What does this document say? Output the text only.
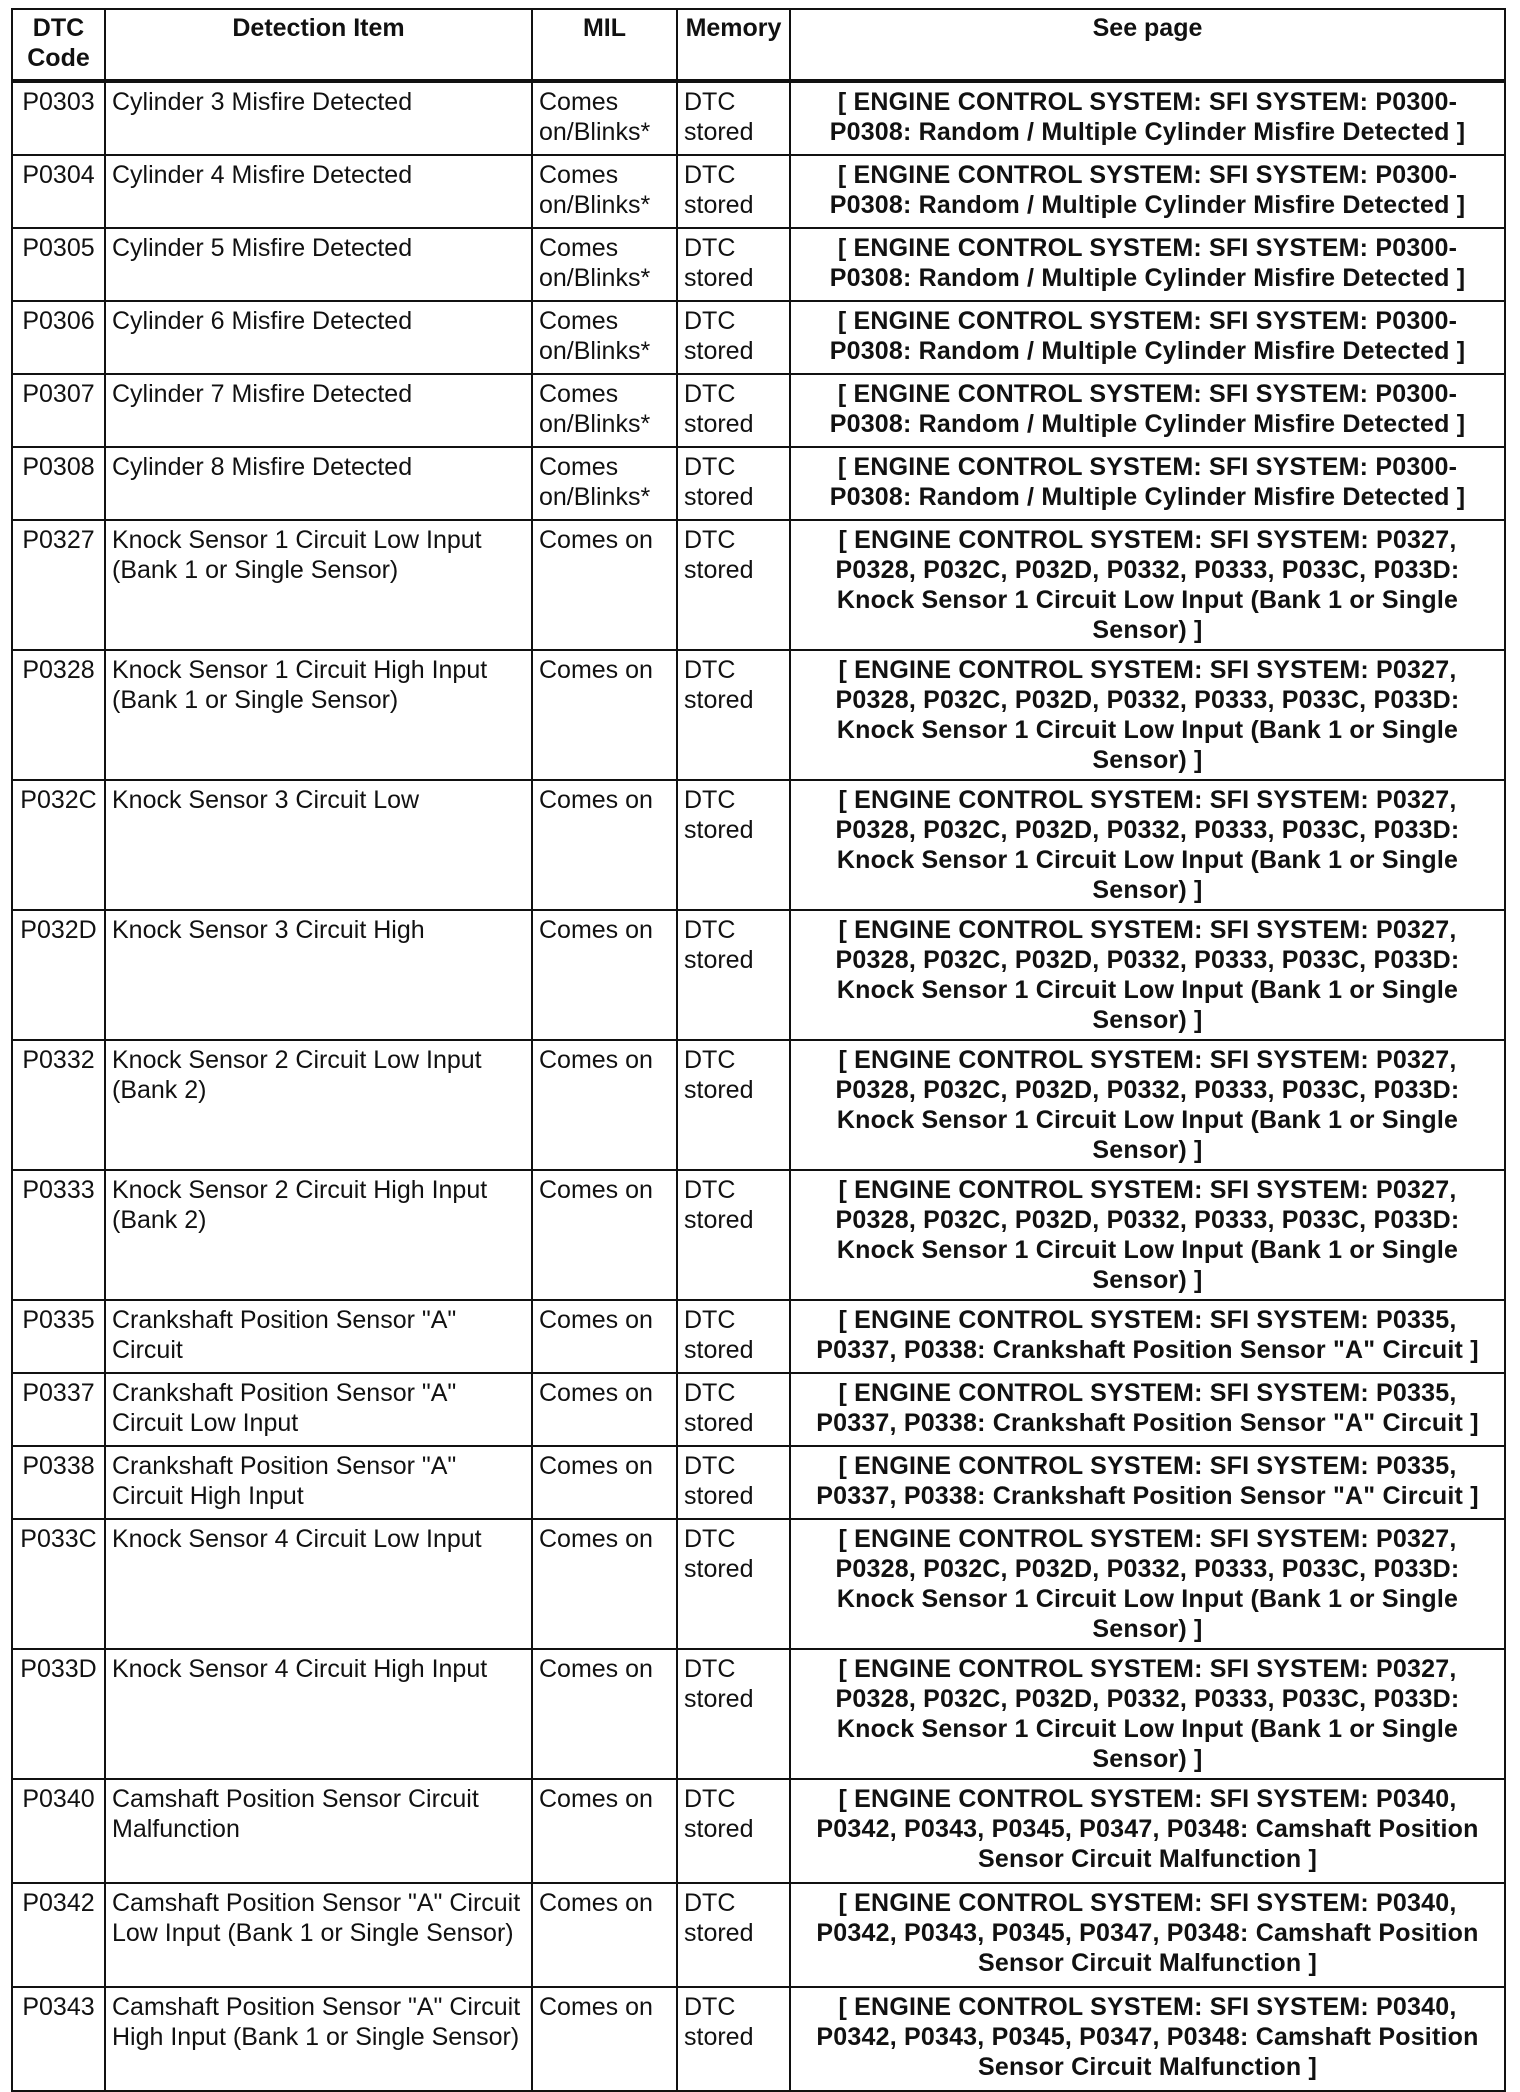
DTC Code	Detection Item	MIL	Memory	See page
P0303	Cylinder 3 Misfire Detected	Comes on/Blinks*	DTC stored	[ ENGINE CONTROL SYSTEM: SFI SYSTEM: P0300-P0308: Random / Multiple Cylinder Misfire Detected ]
P0304	Cylinder 4 Misfire Detected	Comes on/Blinks*	DTC stored	[ ENGINE CONTROL SYSTEM: SFI SYSTEM: P0300-P0308: Random / Multiple Cylinder Misfire Detected ]
P0305	Cylinder 5 Misfire Detected	Comes on/Blinks*	DTC stored	[ ENGINE CONTROL SYSTEM: SFI SYSTEM: P0300-P0308: Random / Multiple Cylinder Misfire Detected ]
P0306	Cylinder 6 Misfire Detected	Comes on/Blinks*	DTC stored	[ ENGINE CONTROL SYSTEM: SFI SYSTEM: P0300-P0308: Random / Multiple Cylinder Misfire Detected ]
P0307	Cylinder 7 Misfire Detected	Comes on/Blinks*	DTC stored	[ ENGINE CONTROL SYSTEM: SFI SYSTEM: P0300-P0308: Random / Multiple Cylinder Misfire Detected ]
P0308	Cylinder 8 Misfire Detected	Comes on/Blinks*	DTC stored	[ ENGINE CONTROL SYSTEM: SFI SYSTEM: P0300-P0308: Random / Multiple Cylinder Misfire Detected ]
P0327	Knock Sensor 1 Circuit Low Input (Bank 1 or Single Sensor)	Comes on	DTC stored	[ ENGINE CONTROL SYSTEM: SFI SYSTEM: P0327, P0328, P032C, P032D, P0332, P0333, P033C, P033D: Knock Sensor 1 Circuit Low Input (Bank 1 or Single Sensor) ]
P0328	Knock Sensor 1 Circuit High Input (Bank 1 or Single Sensor)	Comes on	DTC stored	[ ENGINE CONTROL SYSTEM: SFI SYSTEM: P0327, P0328, P032C, P032D, P0332, P0333, P033C, P033D: Knock Sensor 1 Circuit Low Input (Bank 1 or Single Sensor) ]
P032C	Knock Sensor 3 Circuit Low	Comes on	DTC stored	[ ENGINE CONTROL SYSTEM: SFI SYSTEM: P0327, P0328, P032C, P032D, P0332, P0333, P033C, P033D: Knock Sensor 1 Circuit Low Input (Bank 1 or Single Sensor) ]
P032D	Knock Sensor 3 Circuit High	Comes on	DTC stored	[ ENGINE CONTROL SYSTEM: SFI SYSTEM: P0327, P0328, P032C, P032D, P0332, P0333, P033C, P033D: Knock Sensor 1 Circuit Low Input (Bank 1 or Single Sensor) ]
P0332	Knock Sensor 2 Circuit Low Input (Bank 2)	Comes on	DTC stored	[ ENGINE CONTROL SYSTEM: SFI SYSTEM: P0327, P0328, P032C, P032D, P0332, P0333, P033C, P033D: Knock Sensor 1 Circuit Low Input (Bank 1 or Single Sensor) ]
P0333	Knock Sensor 2 Circuit High Input (Bank 2)	Comes on	DTC stored	[ ENGINE CONTROL SYSTEM: SFI SYSTEM: P0327, P0328, P032C, P032D, P0332, P0333, P033C, P033D: Knock Sensor 1 Circuit Low Input (Bank 1 or Single Sensor) ]
P0335	Crankshaft Position Sensor "A" Circuit	Comes on	DTC stored	[ ENGINE CONTROL SYSTEM: SFI SYSTEM: P0335, P0337, P0338: Crankshaft Position Sensor "A" Circuit ]
P0337	Crankshaft Position Sensor "A" Circuit Low Input	Comes on	DTC stored	[ ENGINE CONTROL SYSTEM: SFI SYSTEM: P0335, P0337, P0338: Crankshaft Position Sensor "A" Circuit ]
P0338	Crankshaft Position Sensor "A" Circuit High Input	Comes on	DTC stored	[ ENGINE CONTROL SYSTEM: SFI SYSTEM: P0335, P0337, P0338: Crankshaft Position Sensor "A" Circuit ]
P033C	Knock Sensor 4 Circuit Low Input	Comes on	DTC stored	[ ENGINE CONTROL SYSTEM: SFI SYSTEM: P0327, P0328, P032C, P032D, P0332, P0333, P033C, P033D: Knock Sensor 1 Circuit Low Input (Bank 1 or Single Sensor) ]
P033D	Knock Sensor 4 Circuit High Input	Comes on	DTC stored	[ ENGINE CONTROL SYSTEM: SFI SYSTEM: P0327, P0328, P032C, P032D, P0332, P0333, P033C, P033D: Knock Sensor 1 Circuit Low Input (Bank 1 or Single Sensor) ]
P0340	Camshaft Position Sensor Circuit Malfunction	Comes on	DTC stored	[ ENGINE CONTROL SYSTEM: SFI SYSTEM: P0340, P0342, P0343, P0345, P0347, P0348: Camshaft Position Sensor Circuit Malfunction ]
P0342	Camshaft Position Sensor "A" Circuit Low Input (Bank 1 or Single Sensor)	Comes on	DTC stored	[ ENGINE CONTROL SYSTEM: SFI SYSTEM: P0340, P0342, P0343, P0345, P0347, P0348: Camshaft Position Sensor Circuit Malfunction ]
P0343	Camshaft Position Sensor "A" Circuit High Input (Bank 1 or Single Sensor)	Comes on	DTC stored	[ ENGINE CONTROL SYSTEM: SFI SYSTEM: P0340, P0342, P0343, P0345, P0347, P0348: Camshaft Position Sensor Circuit Malfunction ]
